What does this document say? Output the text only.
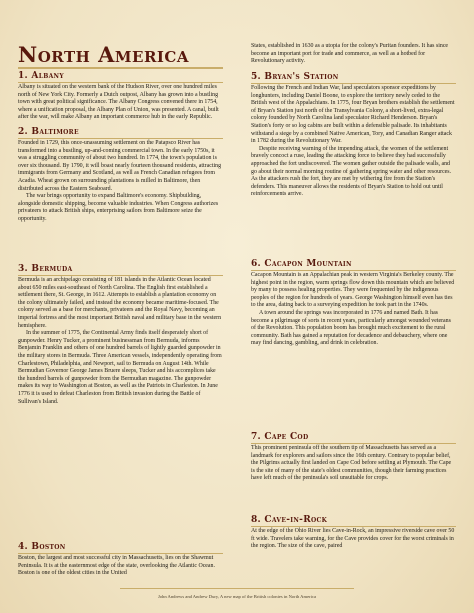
North America
1. Albany

Albany is situated on the western bank of the Hudson River, over one hundred miles north of New York City. Formerly a Dutch outpost, Albany has grown into a bustling town with great political significance. The Albany Congress convened there in 1754, where a unification proposal, the Albany Plan of Union, was presented. A canal, built after the war, will make Albany an important commerce hub in the early Republic.

2. Baltimore

Founded in 1729, this once-unassuming settlement on the Patapsco River has transformed into a bustling, up-and-coming commercial town. In the early 1750s, it was a struggling community of about two hundred. In 1774, the town's population is over six thousand. By 1790, it will boast nearly fourteen thousand residents, attracting immigrants from Germany and Scotland, as well as French Canadian refugees from Acadia. Wheat grown on surrounding plantations is milled in Baltimore, then distributed across the Eastern Seaboard.

The war brings opportunity to expand Baltimore's economy. Shipbuilding, alongside domestic shipping, become valuable industries. When Congress authorizes privateers to attack British ships, enterprising sailors from Baltimore seize the opportunity.

3. Bermuda

Bermuda is an archipelago consisting of 181 islands in the Atlantic Ocean located about 650 miles east-southeast of North Carolina. The English first established a settlement there, St. George, in 1612. Attempts to establish a plantation economy on the colony ultimately failed, and instead the economy became maritime-focused. The colony served as a base for merchants, privateers and the Royal Navy, becoming an imperial fortress and the most important British naval and military base in the western hemisphere.

In the summer of 1775, the Continental Army finds itself desperately short of gunpowder. Henry Tucker, a prominent businessman from Bermuda, informs Benjamin Franklin and others of one hundred barrels of lightly guarded gunpowder in the military stores in Bermuda. Three American vessels, independently operating from Charlestown, Philadelphia, and Newport, sail to Bermuda on August 14th. While Bermudian Governor George James Bruere sleeps, Tucker and his accomplices take the hundred barrels of gunpowder from the Bermudian magazine. The gunpowder makes its way to Washington at Boston, as well as the Patriots in Charleston. In June 1776 it is used to defeat Charleston from British invasion during the Battle of Sullivan's Island.

4. Boston

Boston, the largest and most successful city in Massachusetts, lies on the Shawmut Peninsula. It is at the easternmost edge of the state, overlooking the Atlantic Ocean. Boston is one of the oldest cities in the United

States, established in 1630 as a utopia for the colony's Puritan founders. It has since become an important port for trade and commerce, as well as a hotbed for Revolutionary activity.

5. Bryan's Station

Following the French and Indian War, land speculators sponsor expeditions by longhunters, including Daniel Boone, to explore the territory newly ceded to the British west of the Appalachians. In 1775, four Bryan brothers establish the settlement of Bryan's Station just north of the Transylvania Colony, a short-lived, extra-legal colony founded by North Carolina land speculator Richard Henderson. Bryan's Station's forty or so log cabins are built within a defensible palisade. Its inhabitants withstand a siege by a combined Native American, Tory, and Canadian Ranger attack in 1782 during the Revolutionary War.

Despite receiving warning of the impending attack, the women of the settlement bravely concoct a ruse, leading the attacking force to believe they had successfully approached the fort undiscovered. The women gather outside the palisade walls, and go about their normal morning routine of gathering spring water and other resources. As the attackers rush the fort, they are met by withering fire from the Station's defenders. This maneuver allows the residents of Bryan's Station to hold out until reinforcements arrive.

6. Cacapon Mountain

Cacapon Mountain is an Appalachian peak in western Virginia's Berkeley county. The highest point in the region, warm springs flow down this mountain which are believed by many to possess healing properties. They were frequented by the indigenous peoples of the region for hundreds of years. George Washington himself even has ties to the area, dating back to a surveying expedition he took part in the 1740s.

A town around the springs was incorporated in 1776 and named Bath. It has become a pilgrimage of sorts in recent years, particularly amongst wounded veterans of the Revolution. This population boom has brought much excitement to the rural community. Bath has gained a reputation for decadence and debauchery, where one may find dancing, gambling, and drink in celebration.

7. Cape Cod

This prominent peninsula off the southern tip of Massachusetts has served as a landmark for explorers and sailors since the 16th century. Contrary to popular belief, the Pilgrims actually first landed on Cape Cod before settling at Plymouth. The Cape is the site of many of the state's oldest communities, though their farming practices have left much of the peninsula's soil unsuitable for crops.

8. Cave-in-Rock

At the edge of the Ohio River lies Cave-in-Rock, an impressive riverside cave over 50 ft wide. Travelers take warning, for the Cave provides cover for the worst criminals in the region. The size of the cave, paired

John Andrews and Andrew Dury, A new map of the British colonies in North America
